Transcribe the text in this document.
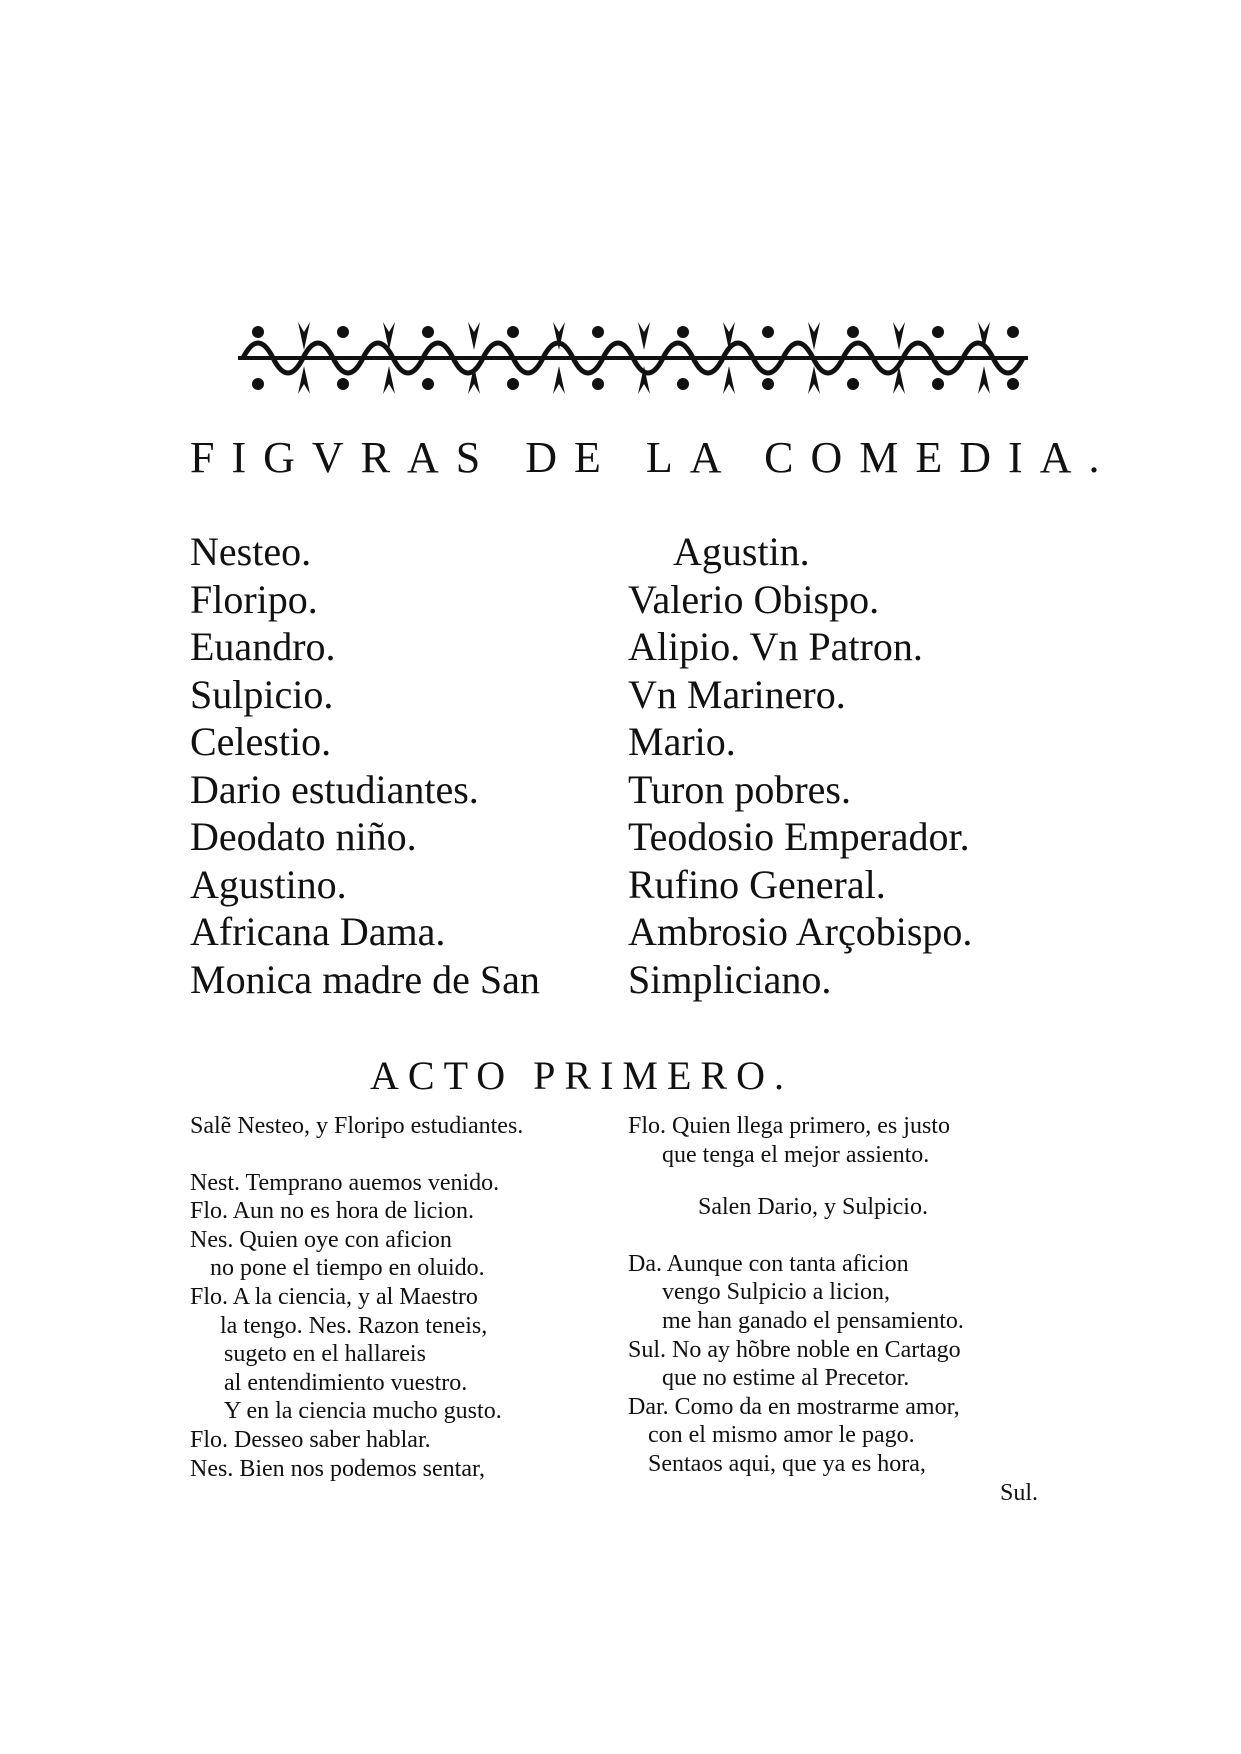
FIGVRAS DE LA COMEDIA.
Nesteo.
Floripo.
Euandro.
Sulpicio.
Celestio.
Dario estudiantes.
Deodato niño.
Agustino.
Africana Dama.
Monica madre de San
Agustin.
Valerio Obispo.
Alipio. Vn Patron.
Vn Marinero.
Mario.
Turon pobres.
Teodosio Emperador.
Rufino General.
Ambrosio Arçobispo.
Simpliciano.
ACTO PRIMERO.
Salẽ Nesteo, y Floripo estudiantes.
Nest. Temprano auemos venido.
Flo. Aun no es hora de licion.
Nes. Quien oye con aficion
no pone el tiempo en oluido.
Flo. A la ciencia, y al Maestro
la tengo. Nes. Razon teneis,
sugeto en el hallareis
al entendimiento vuestro.
Y en la ciencia mucho gusto.
Flo. Desseo saber hablar.
Nes. Bien nos podemos sentar,
Flo. Quien llega primero, es justo
que tenga el mejor assiento.
Salen Dario, y Sulpicio.
Da. Aunque con tanta aficion
vengo Sulpicio a licion,
me han ganado el pensamiento.
Sul. No ay hõbre noble en Cartago
que no estime al Precetor.
Dar. Como da en mostrarme amor,
con el mismo amor le pago.
Sentaos aqui, que ya es hora,
Sul.
